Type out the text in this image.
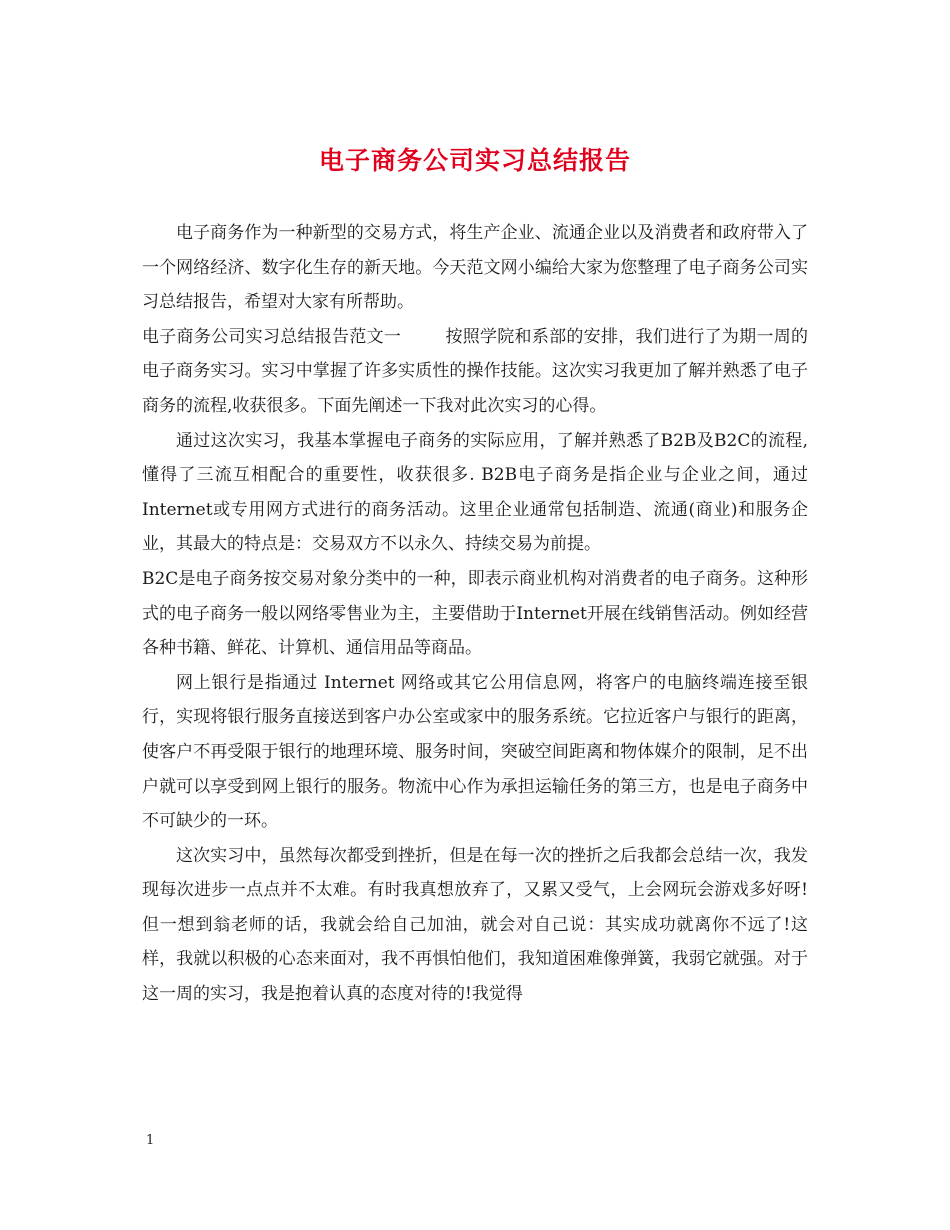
电子商务公司实习总结报告

电子商务作为一种新型的交易方式，将生产企业、流通企业以及消费者和政府带入了一个网络经济、数字化生存的新天地。今天范文网小编给大家为您整理了电子商务公司实习总结报告，希望对大家有所帮助。

电子商务公司实习总结报告范文一	按照学院和系部的安排，我们进行了为期一周的电子商务实习。实习中掌握了许多实质性的操作技能。这次实习我更加了解并熟悉了电子商务的流程,收获很多。下面先阐述一下我对此次实习的心得。

通过这次实习，我基本掌握电子商务的实际应用，了解并熟悉了B2B及B2C的流程,懂得了三流互相配合的重要性，收获很多. B2B电子商务是指企业与企业之间，通过Internet或专用网方式进行的商务活动。这里企业通常包括制造、流通(商业)和服务企业，其最大的特点是：交易双方不以永久、持续交易为前提。

B2C是电子商务按交易对象分类中的一种，即表示商业机构对消费者的电子商务。这种形式的电子商务一般以网络零售业为主，主要借助于Internet开展在线销售活动。例如经营各种书籍、鲜花、计算机、通信用品等商品。

网上银行是指通过 Internet 网络或其它公用信息网，将客户的电脑终端连接至银行，实现将银行服务直接送到客户办公室或家中的服务系统。它拉近客户与银行的距离，使客户不再受限于银行的地理环境、服务时间，突破空间距离和物体媒介的限制，足不出户就可以享受到网上银行的服务。物流中心作为承担运输任务的第三方，也是电子商务中不可缺少的一环。

这次实习中，虽然每次都受到挫折，但是在每一次的挫折之后我都会总结一次，我发现每次进步一点点并不太难。有时我真想放弃了，又累又受气，上会网玩会游戏多好呀!但一想到翁老师的话，我就会给自己加油，就会对自己说：其实成功就离你不远了!这样，我就以积极的心态来面对，我不再惧怕他们，我知道困难像弹簧，我弱它就强。对于这一周的实习，我是抱着认真的态度对待的!我觉得

1
